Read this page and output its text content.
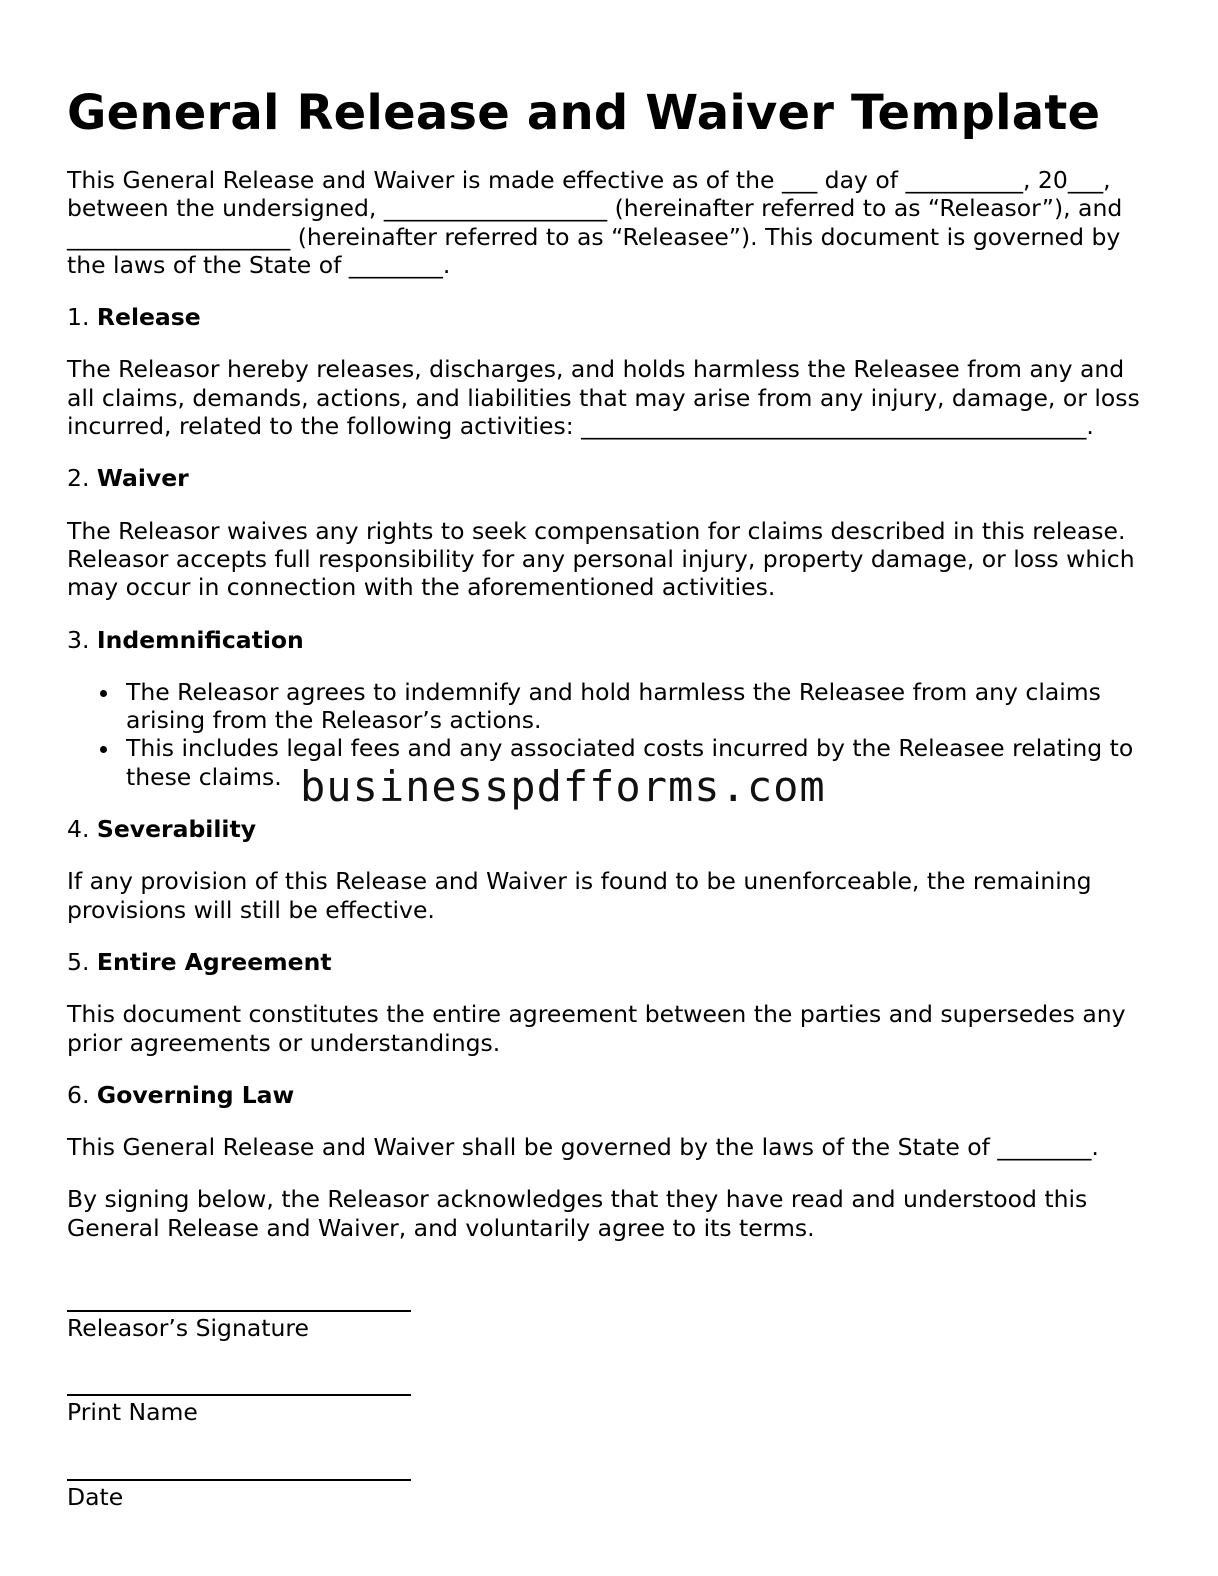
General Release and Waiver Template

This General Release and Waiver is made effective as of the ___ day of __________, 20___, between the undersigned, ___________________ (hereinafter referred to as “Releasor”), and ___________________ (hereinafter referred to as “Releasee”). This document is governed by the laws of the State of ________.

1. Release

The Releasor hereby releases, discharges, and holds harmless the Releasee from any and all claims, demands, actions, and liabilities that may arise from any injury, damage, or loss incurred, related to the following activities: ___________________________________________.

2. Waiver

The Releasor waives any rights to seek compensation for claims described in this release. Releasor accepts full responsibility for any personal injury, property damage, or loss which may occur in connection with the aforementioned activities.

3. Indemnification
The Releasor agrees to indemnify and hold harmless the Releasee from any claims arising from the Releasor’s actions.
This includes legal fees and any associated costs incurred by the Releasee relating to these claims.
4. Severability

If any provision of this Release and Waiver is found to be unenforceable, the remaining provisions will still be effective.

5. Entire Agreement

This document constitutes the entire agreement between the parties and supersedes any prior agreements or understandings.

6. Governing Law

This General Release and Waiver shall be governed by the laws of the State of ________.

By signing below, the Releasor acknowledges that they have read and understood this General Release and Waiver, and voluntarily agree to its terms.

Releasor’s Signature
Print Name
Date
businesspdfforms.com
